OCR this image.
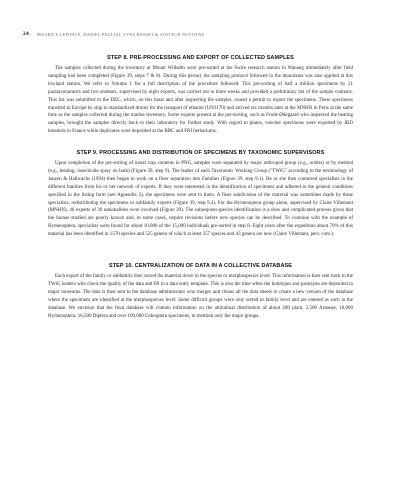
24 MAURICE LEPONCE, DANIEL PAGLIAI, YVES BASSET & VOJTECH NOVOTNY
STEP 8. PRE-PROCESSING AND EXPORT OF COLLECTED SAMPLES

The samples collected during the inventory at Mount Wilhelm were pre-sorted at the Swire research station in Wanang immediately after field sampling had been completed (Figure 39, steps 7 & 8). During this period, the sampling protocol followed in the mountains was also applied at this lowland station. We refer to Volume 1 for a full description of the procedure followed. This pre-sorting of half a million specimens by 21 parataxonomists and two students, supervised by eight experts, was carried out in three weeks and provided a preliminary list of the sample contents. This list was submitted to the DEC, which, on this basis and after inspecting the samples, issued a permit to export the specimens. These specimens transited to Europe by ship in standardized drums for the transport of ethanol (UN1170) and arrived six months later at the MNHN in Paris at the same time as the samples collected during the marine inventory. Some experts present at the pre-sorting, such as Frode Ødegaard who inspected the beating samples, brought the samples directly back to their laboratory for further study. With regard to plants, voucher specimens were exported by IBD botanists in France while duplicates were deposited at the BRC and FRI herbariums.

STEP 9. PROCESSING AND DISTRIBUTION OF SPECIMENS BY TAXONOMIC SUPERVISORS

Upon completion of the pre-sorting of insect trap contents in PNG, samples were separated by major arthropod group (e.g., orders) or by method (e.g., beating, insecticide spray on bark) (Figure 39, step 9). The leader of each Taxonomic Working Group ("TWiG" according to the terminology of Janzen & Hallwachs (1994) then began to work on a finer separation into Families (Figure 39, step 9.1). He or she then contacted specialists in the different families from his or her network of experts. If they were interested in the identification of specimens and adhered to the general conditions specified in the listing form (see Appendix 2), the specimens were sent to them. A finer subdivision of the material was sometimes made by these specialists, redistributing the specimens to subfamily experts (Figure 39, step 9.2). For the Hymenoptera group alone, supervised by Claire Villemant (MNHN), 46 experts of 20 nationalities were involved (Figure 39). The subsequent species identification is a slow and complicated process given that the faunas studied are poorly known and, in some cases, require revisions before new species can be described. To continue with the example of Hymenoptera, specialists were found for about 10,000 of the 15,000 individuals pre-sorted in step 8. Eight years after the expedition about 70% of this material has been identified in 1570 species and 525 genera of which at least 357 species and 43 genera are new (Claire Villemant, pers. com.).

STEP 10. CENTRALIZATION OF DATA IN A COLLECTIVE DATABASE

Each expert of the family or subfamily then sorted the material down to the species or morphospecies level. This information is then sent back to the TWiG leaders who check the quality of the data and fill in a data entry template. This is also the time when the holotypes and paratypes are deposited in major museums. The data is then sent to the database administrator who merges and cleans all the data sheets to create a new version of the database where the specimens are identified at the morphospecies level. Some difficult groups were only sorted to family level and are entered as such in the database. We envision that the final database will contain information on the altitudinal distribution of about 200 plant, 2,500 Araneae, 10,000 Hymenoptera, 16,500 Diptera and over 100,000 Coleoptera specimens, to mention only the major groups.
